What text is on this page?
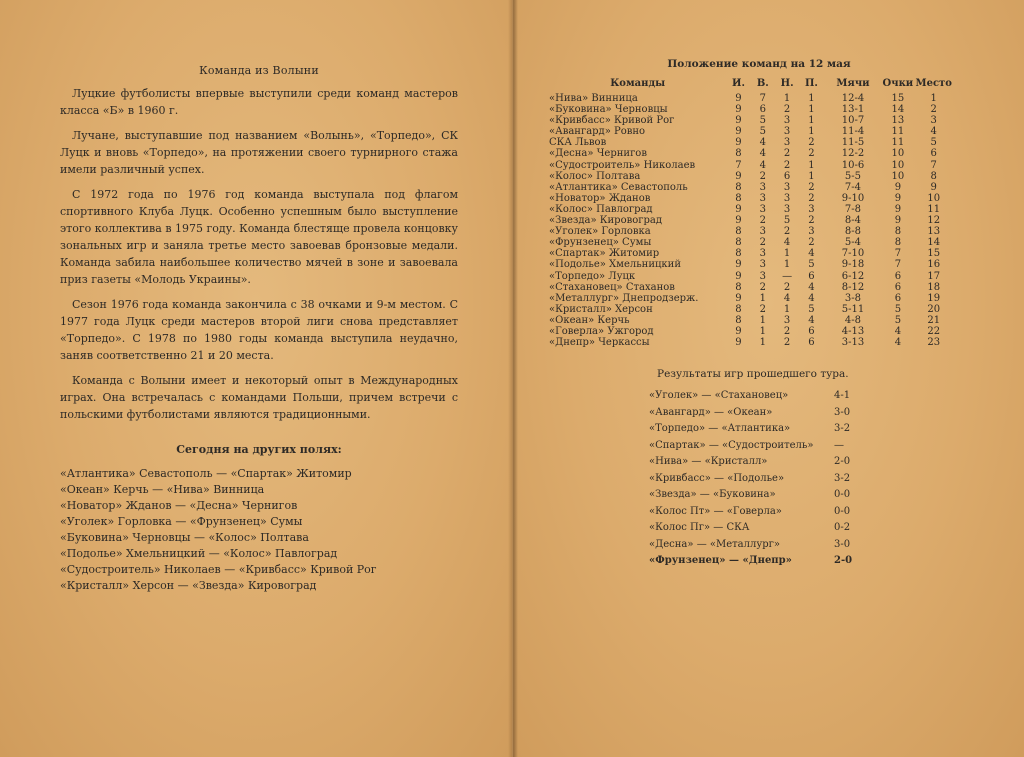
Команда из Волыни

Луцкие футболисты впервые выступили среди команд мастеров класса «Б» в 1960 г.

Лучане, выступавшие под названием «Волынь», «Торпедо», СК Луцк и вновь «Торпедо», на протяжении своего турнирного стажа имели различный успех.

С 1972 года по 1976 год команда выступала под флагом спортивного Клуба Луцк. Особенно успешным было выступление этого коллектива в 1975 году. Команда блестяще провела концовку зональных игр и заняла третье место завоевав бронзовые медали. Команда забила наибольшее количество мячей в зоне и завоевала приз газеты «Молодь Украины».

Сезон 1976 года команда закончила с 38 очками и 9-м местом. С 1977 года Луцк среди мастеров второй лиги снова представляет «Торпедо». С 1978 по 1980 годы команда выступила неудачно, заняв соответственно 21 и 20 места.

Команда с Волыни имеет и некоторый опыт в Международных играх. Она встречалась с командами Польши, причем встречи с польскими футболистами являются традиционными.

Сегодня на других полях:
«Атлантика» Севастополь — «Спартак» Житомир
«Океан» Керчь — «Нива» Винница
«Новатор» Жданов — «Десна» Чернигов
«Уголек» Горловка — «Фрунзенец» Сумы
«Буковина» Черновцы — «Колос» Полтава
«Подолье» Хмельницкий — «Колос» Павлоград
«Судостроитель» Николаев — «Кривбасс» Кривой Рог
«Кристалл» Херсон — «Звезда» Кировоград
Положение команд на 12 мая
Команды	И.	В.	Н.	П.	Мячи	Очки	Место
«Нива» Винница	9	7	1	1	12-4	15	1
«Буковина» Черновцы	9	6	2	1	13-1	14	2
«Кривбасс» Кривой Рог	9	5	3	1	10-7	13	3
«Авангард» Ровно	9	5	3	1	11-4	11	4
СКА Львов	9	4	3	2	11-5	11	5
«Десна» Чернигов	8	4	2	2	12-2	10	6
«Судостроитель» Николаев	7	4	2	1	10-6	10	7
«Колос» Полтава	9	2	6	1	5-5	10	8
«Атлантика» Севастополь	8	3	3	2	7-4	9	9
«Новатор» Жданов	8	3	3	2	9-10	9	10
«Колос» Павлоград	9	3	3	3	7-8	9	11
«Звезда» Кировоград	9	2	5	2	8-4	9	12
«Уголек» Горловка	8	3	2	3	8-8	8	13
«Фрунзенец» Сумы	8	2	4	2	5-4	8	14
«Спартак» Житомир	8	3	1	4	7-10	7	15
«Подолье» Хмельницкий	9	3	1	5	9-18	7	16
«Торпедо» Луцк	9	3	—	6	6-12	6	17
«Стахановец» Стаханов	8	2	2	4	8-12	6	18
«Металлург» Днепродзерж.	9	1	4	4	3-8	6	19
«Кристалл» Херсон	8	2	1	5	5-11	5	20
«Океан» Керчь	8	1	3	4	4-8	5	21
«Говерла» Ужгород	9	1	2	6	4-13	4	22
«Днепр» Черкассы	9	1	2	6	3-13	4	23
Результаты игр прошедшего тура.
«Уголек» — «Стахановец»	4-1
«Авангард» — «Океан»	3-0
«Торпедо» — «Атлантика»	3-2
«Спартак» — «Судостроитель»	—
«Нива» — «Кристалл»	2-0
«Кривбасс» — «Подолье»	3-2
«Звезда» — «Буковина»	0-0
«Колос Пт» — «Говерла»	0-0
«Колос Пг» — СКА	0-2
«Десна» — «Металлург»	3-0
«Фрунзенец» — «Днепр»	2-0
